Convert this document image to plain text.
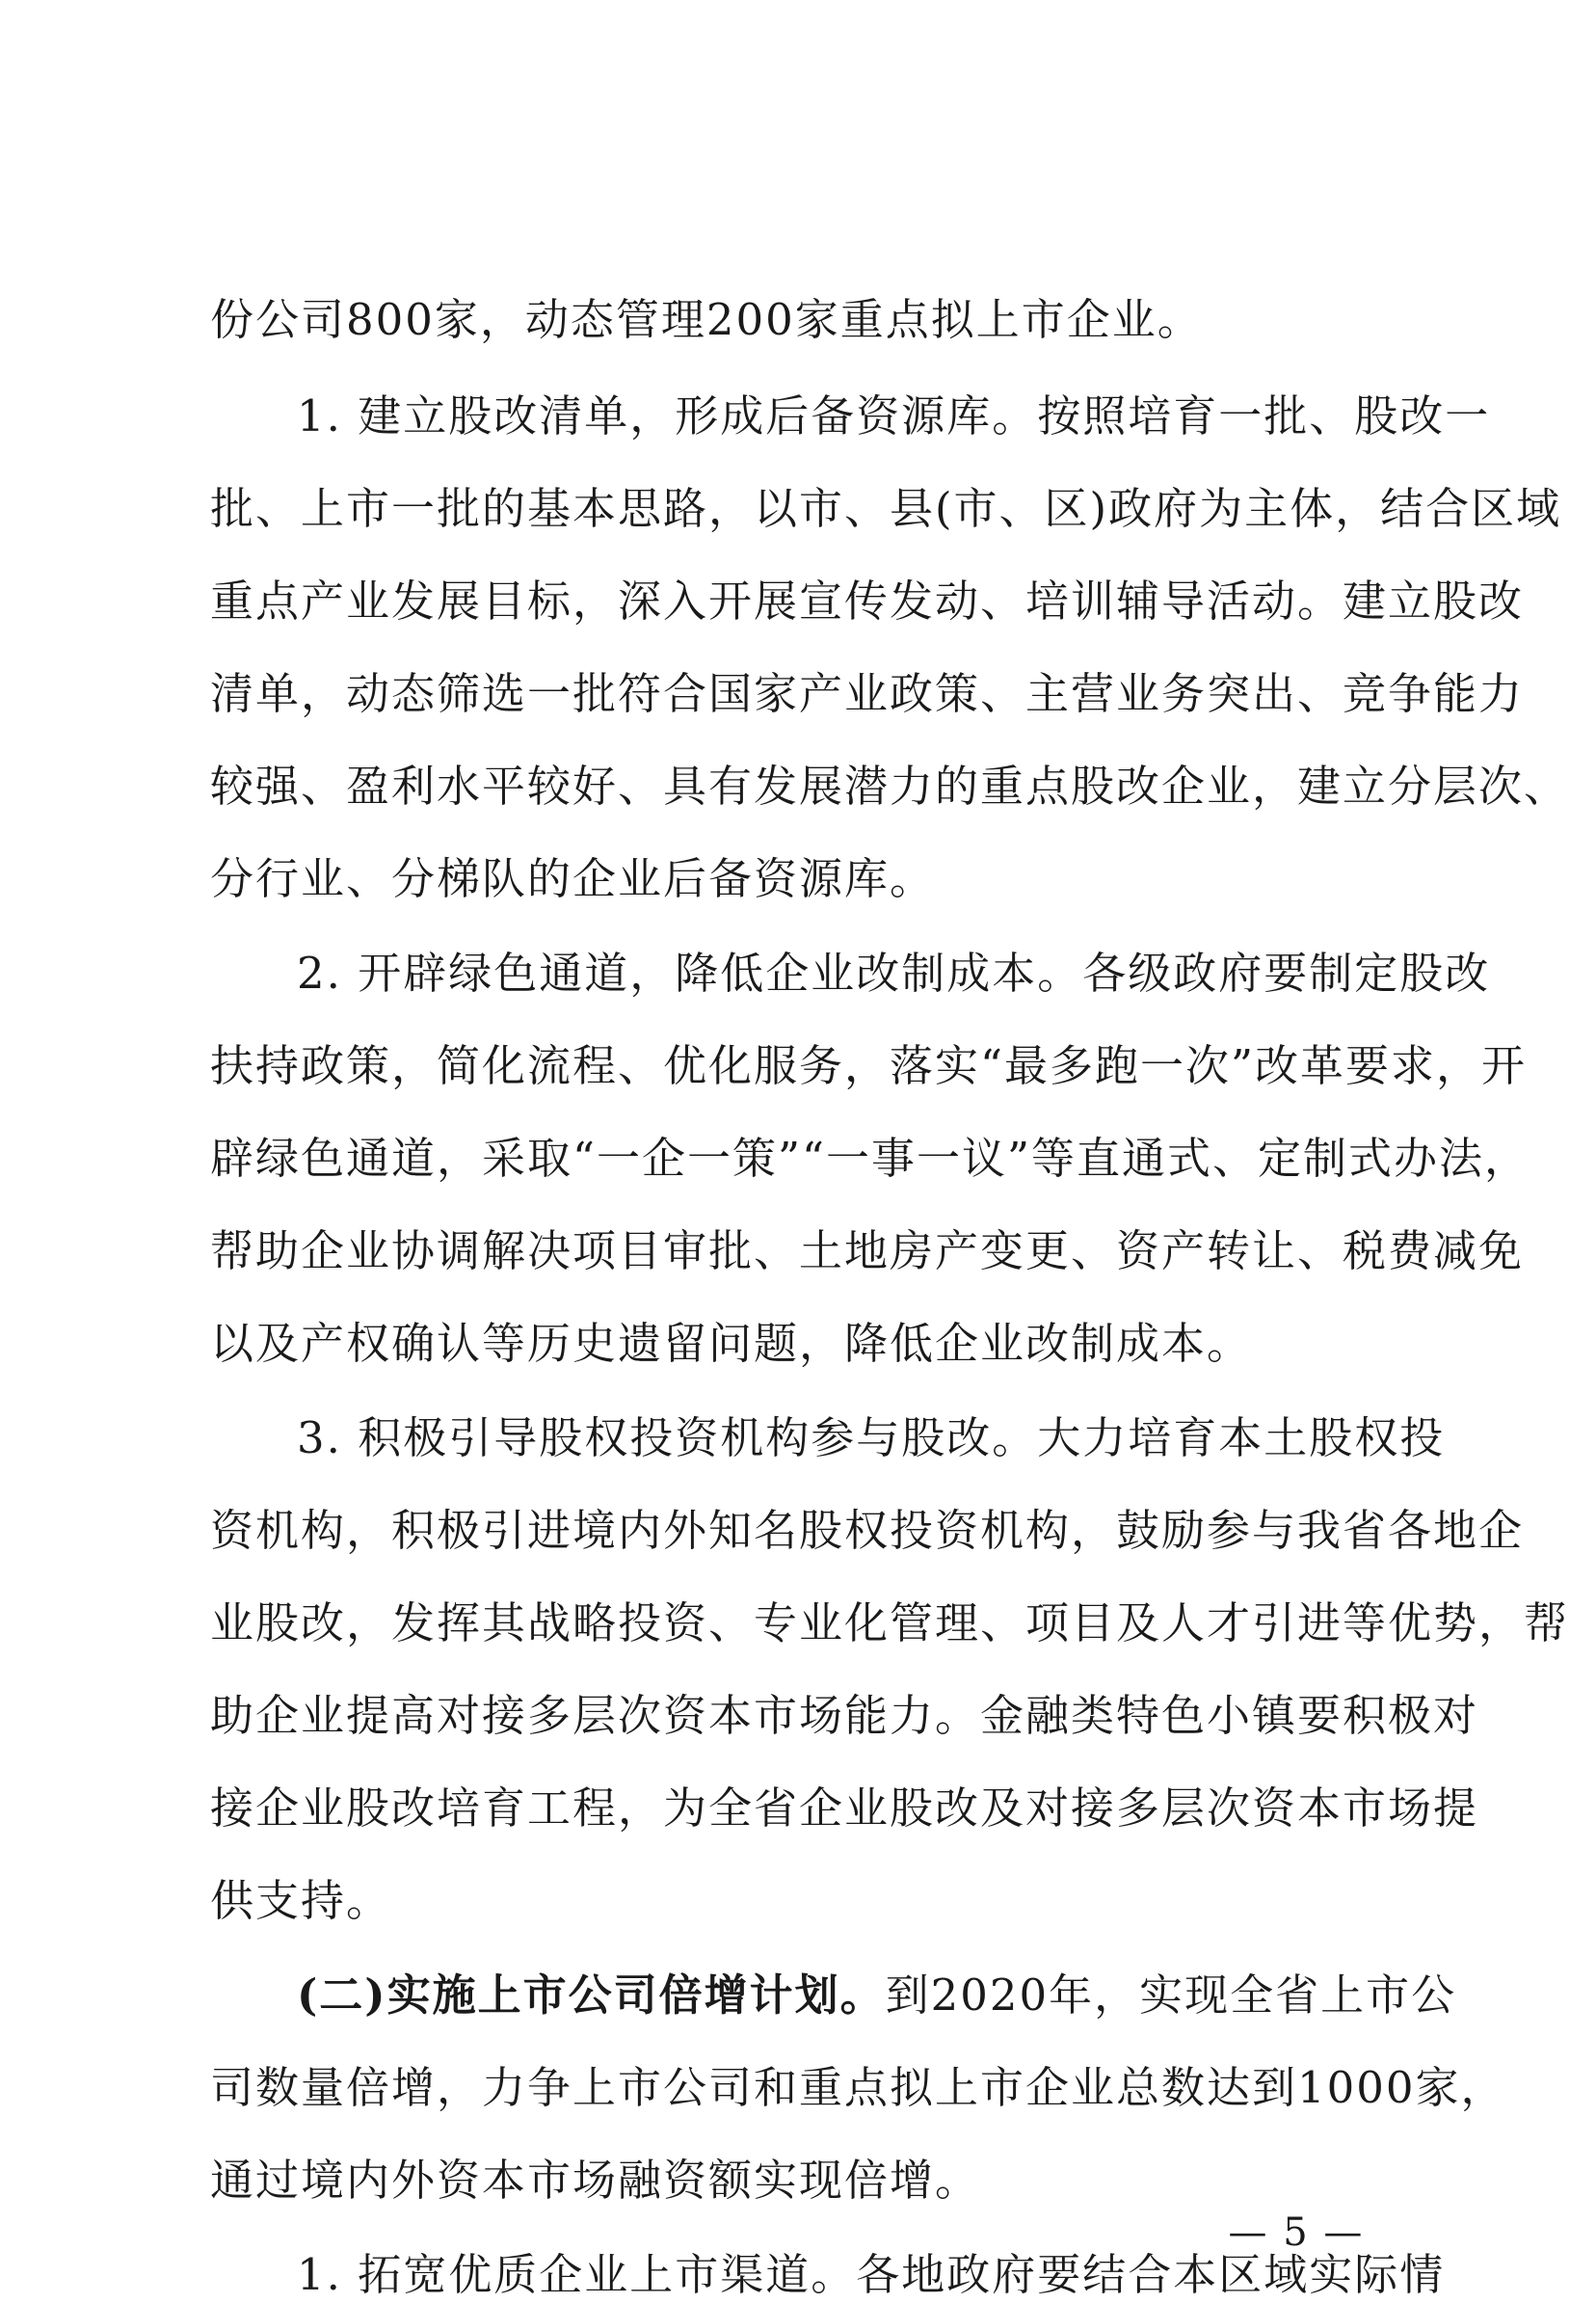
份公司800家，动态管理200家重点拟上市企业。
1. 建立股改清单，形成后备资源库。按照培育一批、股改一
批、上市一批的基本思路，以市、县(市、区)政府为主体，结合区域
重点产业发展目标，深入开展宣传发动、培训辅导活动。建立股改
清单，动态筛选一批符合国家产业政策、主营业务突出、竞争能力
较强、盈利水平较好、具有发展潜力的重点股改企业，建立分层次、
分行业、分梯队的企业后备资源库。
2. 开辟绿色通道，降低企业改制成本。各级政府要制定股改
扶持政策，简化流程、优化服务，落实“最多跑一次”改革要求，开
辟绿色通道，采取“一企一策”“一事一议”等直通式、定制式办法，
帮助企业协调解决项目审批、土地房产变更、资产转让、税费减免
以及产权确认等历史遗留问题，降低企业改制成本。
3. 积极引导股权投资机构参与股改。大力培育本土股权投
资机构，积极引进境内外知名股权投资机构，鼓励参与我省各地企
业股改，发挥其战略投资、专业化管理、项目及人才引进等优势，帮
助企业提高对接多层次资本市场能力。金融类特色小镇要积极对
接企业股改培育工程，为全省企业股改及对接多层次资本市场提
供支持。
(二)实施上市公司倍增计划。到2020年，实现全省上市公
司数量倍增，力争上市公司和重点拟上市企业总数达到1000家，
通过境内外资本市场融资额实现倍增。
1. 拓宽优质企业上市渠道。各地政府要结合本区域实际情
— 5 —
